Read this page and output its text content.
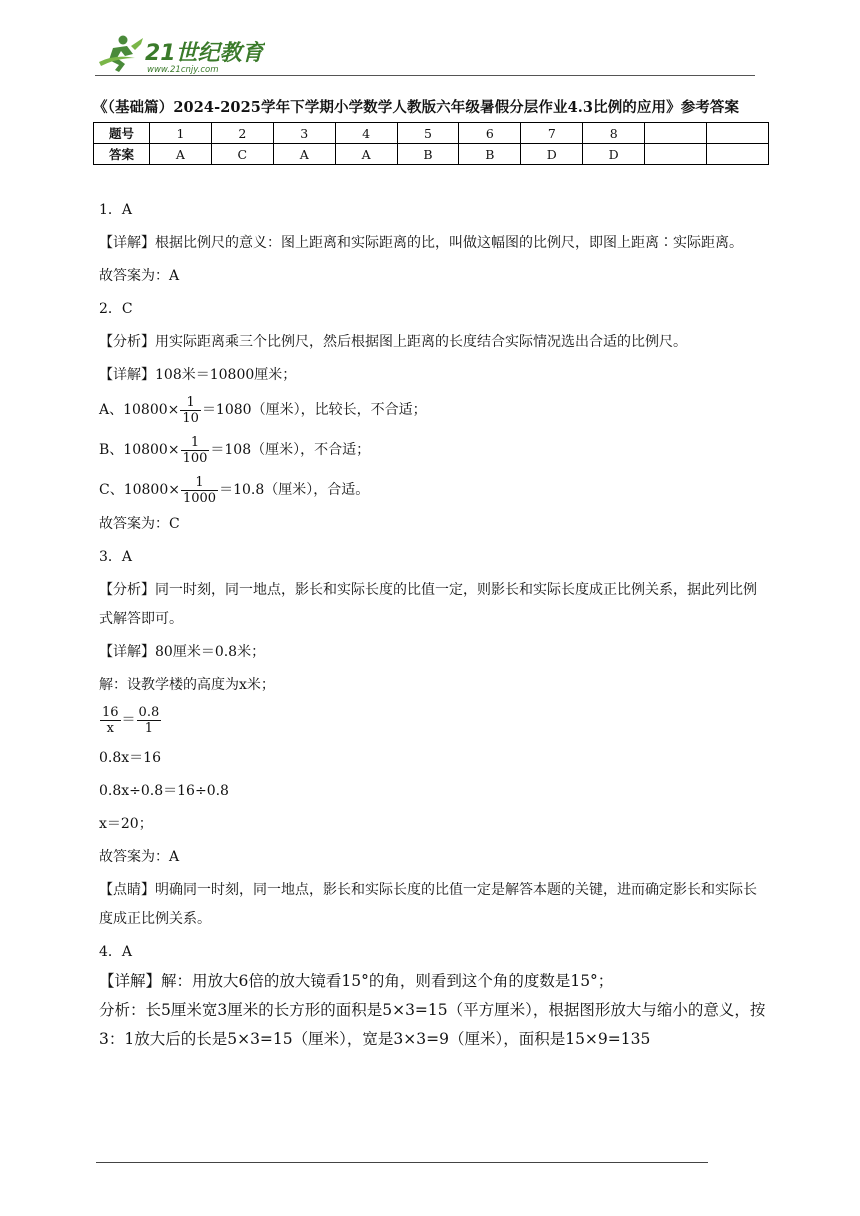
21世纪教育
www.21cnjy.com
《（基础篇）2024-2025学年下学期小学数学人教版六年级暑假分层作业4.3比例的应用》参考答案
题号	1	2	3	4	5	6	7	8		
答案	A	C	A	A	B	B	D	D		

1．A

【详解】根据比例尺的意义：图上距离和实际距离的比，叫做这幅图的比例尺，即图上距离∶实际距离。

故答案为：A

2．C

【分析】用实际距离乘三个比例尺，然后根据图上距离的长度结合实际情况选出合适的比例尺。

【详解】108米＝10800厘米；

A、$10800\times \frac{1}{10} =1080$（厘米），比较长，不合适；

B、$10800\times \frac{1}{100} =108$（厘米），不合适；

C、$10800\times \frac{1}{1000} =10.8$（厘米），合适。

故答案为：C

3．A

【分析】同一时刻，同一地点，影长和实际长度的比值一定，则影长和实际长度成正比例关系，据此列比例式解答即可。

【详解】80厘米＝0.8米；

解：设教学楼的高度为x米；

$\frac{16}{x} = \frac{0.8}{1}$

0.8x＝16

0.8x÷0.8＝16÷0.8

x＝20；

故答案为：A

【点睛】明确同一时刻，同一地点，影长和实际长度的比值一定是解答本题的关键，进而确定影长和实际长度成正比例关系。

4．A

【详解】解：用放大6倍的放大镜看15°的角，则看到这个角的度数是15°；

分析：长5厘米宽3厘米的长方形的面积是5×3=15（平方厘米），根据图形放大与缩小的意义，按3：1放大后的长是5×3=15（厘米），宽是3×3=9（厘米），面积是15×9=135
